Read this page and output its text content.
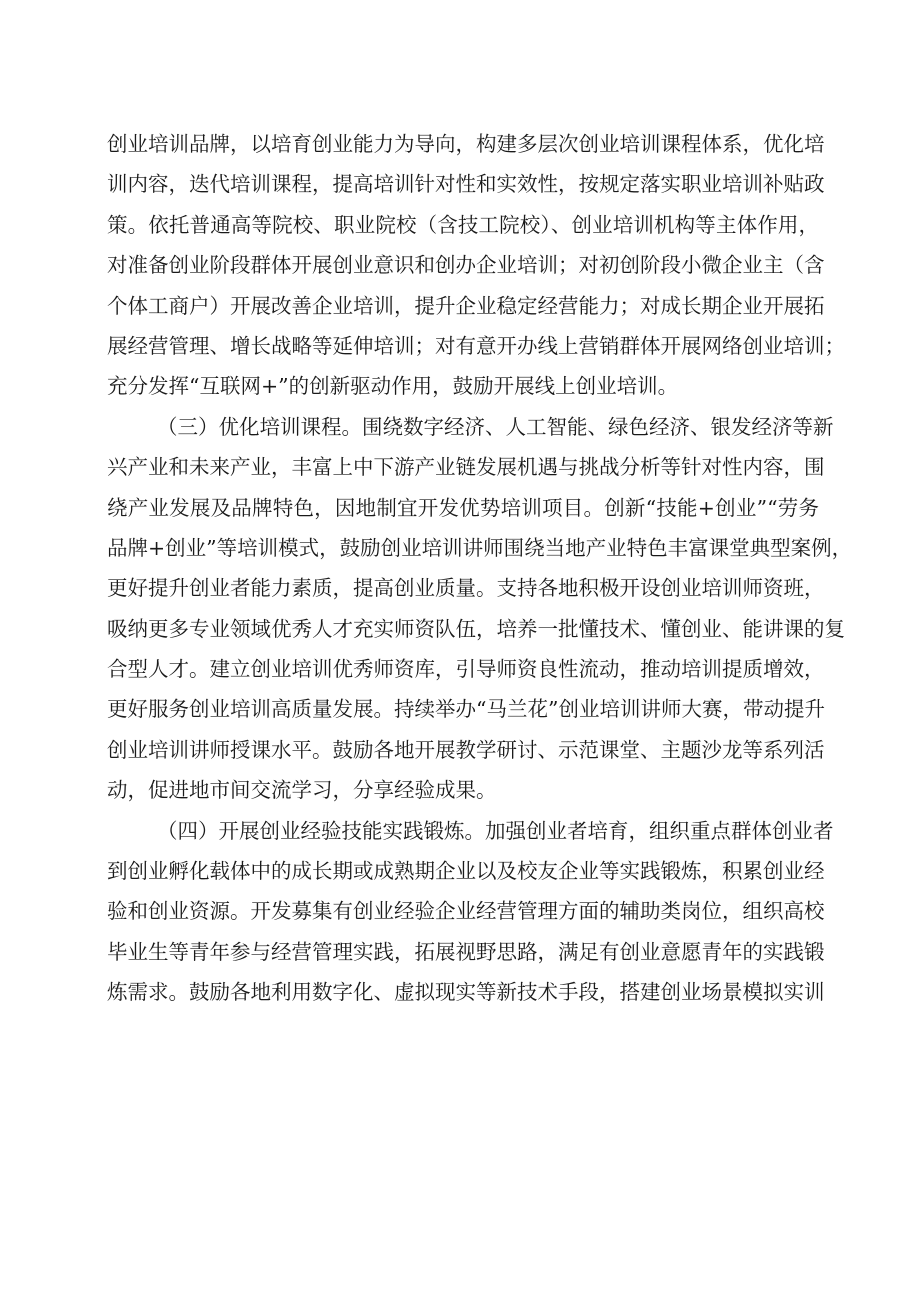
创业培训品牌，以培育创业能力为导向，构建多层次创业培训课程体系，优化培
训内容，迭代培训课程，提高培训针对性和实效性，按规定落实职业培训补贴政
策。依托普通高等院校、职业院校（含技工院校）、创业培训机构等主体作用，
对准备创业阶段群体开展创业意识和创办企业培训；对初创阶段小微企业主（含
个体工商户）开展改善企业培训，提升企业稳定经营能力；对成长期企业开展拓
展经营管理、增长战略等延伸培训；对有意开办线上营销群体开展网络创业培训；
充分发挥“互联网+”的创新驱动作用，鼓励开展线上创业培训。
（三）优化培训课程。围绕数字经济、人工智能、绿色经济、银发经济等新
兴产业和未来产业，丰富上中下游产业链发展机遇与挑战分析等针对性内容，围
绕产业发展及品牌特色，因地制宜开发优势培训项目。创新“技能+创业”“劳务
品牌+创业”等培训模式，鼓励创业培训讲师围绕当地产业特色丰富课堂典型案例，
更好提升创业者能力素质，提高创业质量。支持各地积极开设创业培训师资班，
吸纳更多专业领域优秀人才充实师资队伍，培养一批懂技术、懂创业、能讲课的复
合型人才。建立创业培训优秀师资库，引导师资良性流动，推动培训提质增效，
更好服务创业培训高质量发展。持续举办“马兰花”创业培训讲师大赛，带动提升
创业培训讲师授课水平。鼓励各地开展教学研讨、示范课堂、主题沙龙等系列活
动，促进地市间交流学习，分享经验成果。
（四）开展创业经验技能实践锻炼。加强创业者培育，组织重点群体创业者
到创业孵化载体中的成长期或成熟期企业以及校友企业等实践锻炼，积累创业经
验和创业资源。开发募集有创业经验企业经营管理方面的辅助类岗位，组织高校
毕业生等青年参与经营管理实践，拓展视野思路，满足有创业意愿青年的实践锻
炼需求。鼓励各地利用数字化、虚拟现实等新技术手段，搭建创业场景模拟实训
